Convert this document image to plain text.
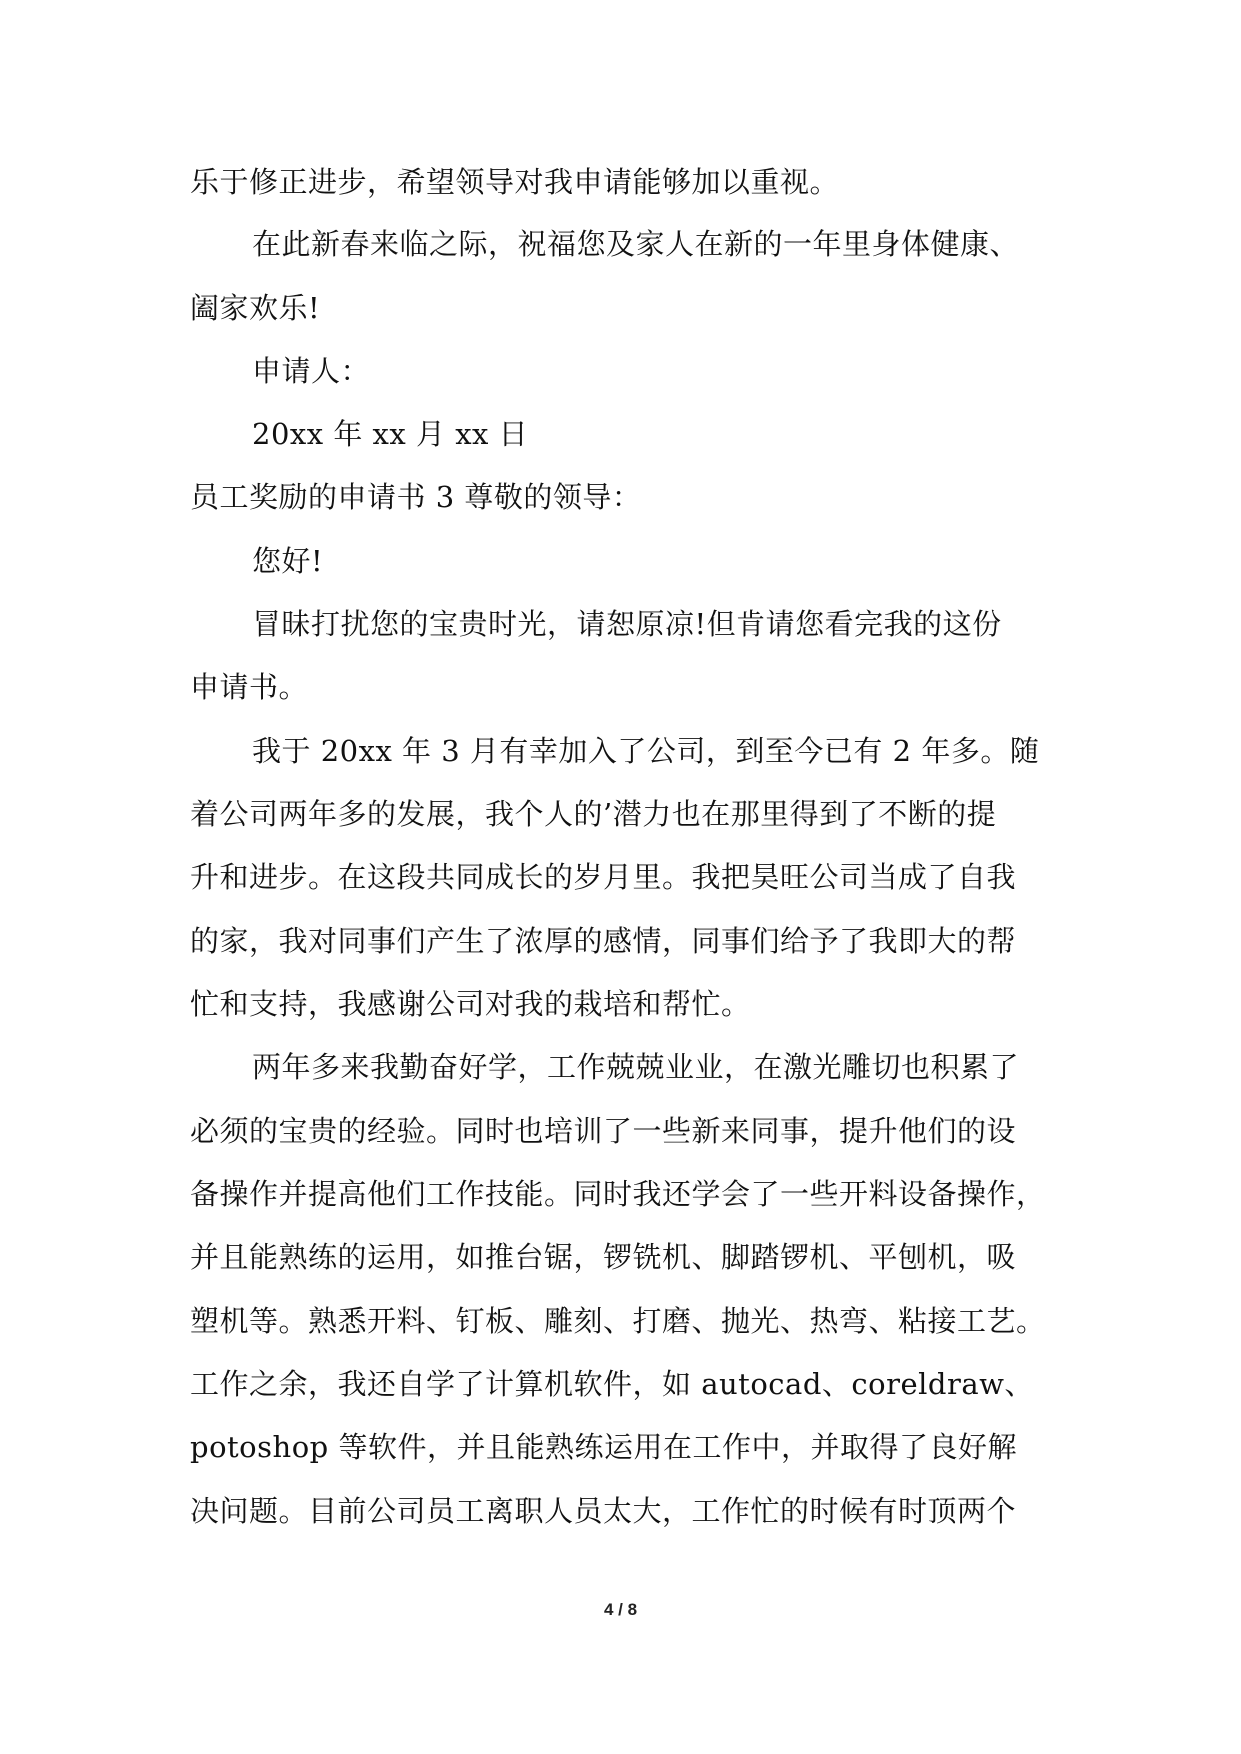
乐于修正进步，希望领导对我申请能够加以重视。
在此新春来临之际，祝福您及家人在新的一年里身体健康、
阖家欢乐!
申请人：
20xx 年 xx 月 xx 日
员工奖励的申请书 3 尊敬的领导：
您好!
冒昧打扰您的宝贵时光，请恕原凉!但肯请您看完我的这份
申请书。
我于 20xx 年 3 月有幸加入了公司，到至今已有 2 年多。随
着公司两年多的发展，我个人的’潜力也在那里得到了不断的提
升和进步。在这段共同成长的岁月里。我把昊旺公司当成了自我
的家，我对同事们产生了浓厚的感情，同事们给予了我即大的帮
忙和支持，我感谢公司对我的栽培和帮忙。
两年多来我勤奋好学，工作兢兢业业，在激光雕切也积累了
必须的宝贵的经验。同时也培训了一些新来同事，提升他们的设
备操作并提高他们工作技能。同时我还学会了一些开料设备操作，
并且能熟练的运用，如推台锯，锣铣机、脚踏锣机、平刨机，吸
塑机等。熟悉开料、钉板、雕刻、打磨、抛光、热弯、粘接工艺。
工作之余，我还自学了计算机软件，如 autocad、coreldraw、
potoshop 等软件，并且能熟练运用在工作中，并取得了良好解
决问题。目前公司员工离职人员太大，工作忙的时候有时顶两个
4 / 8
